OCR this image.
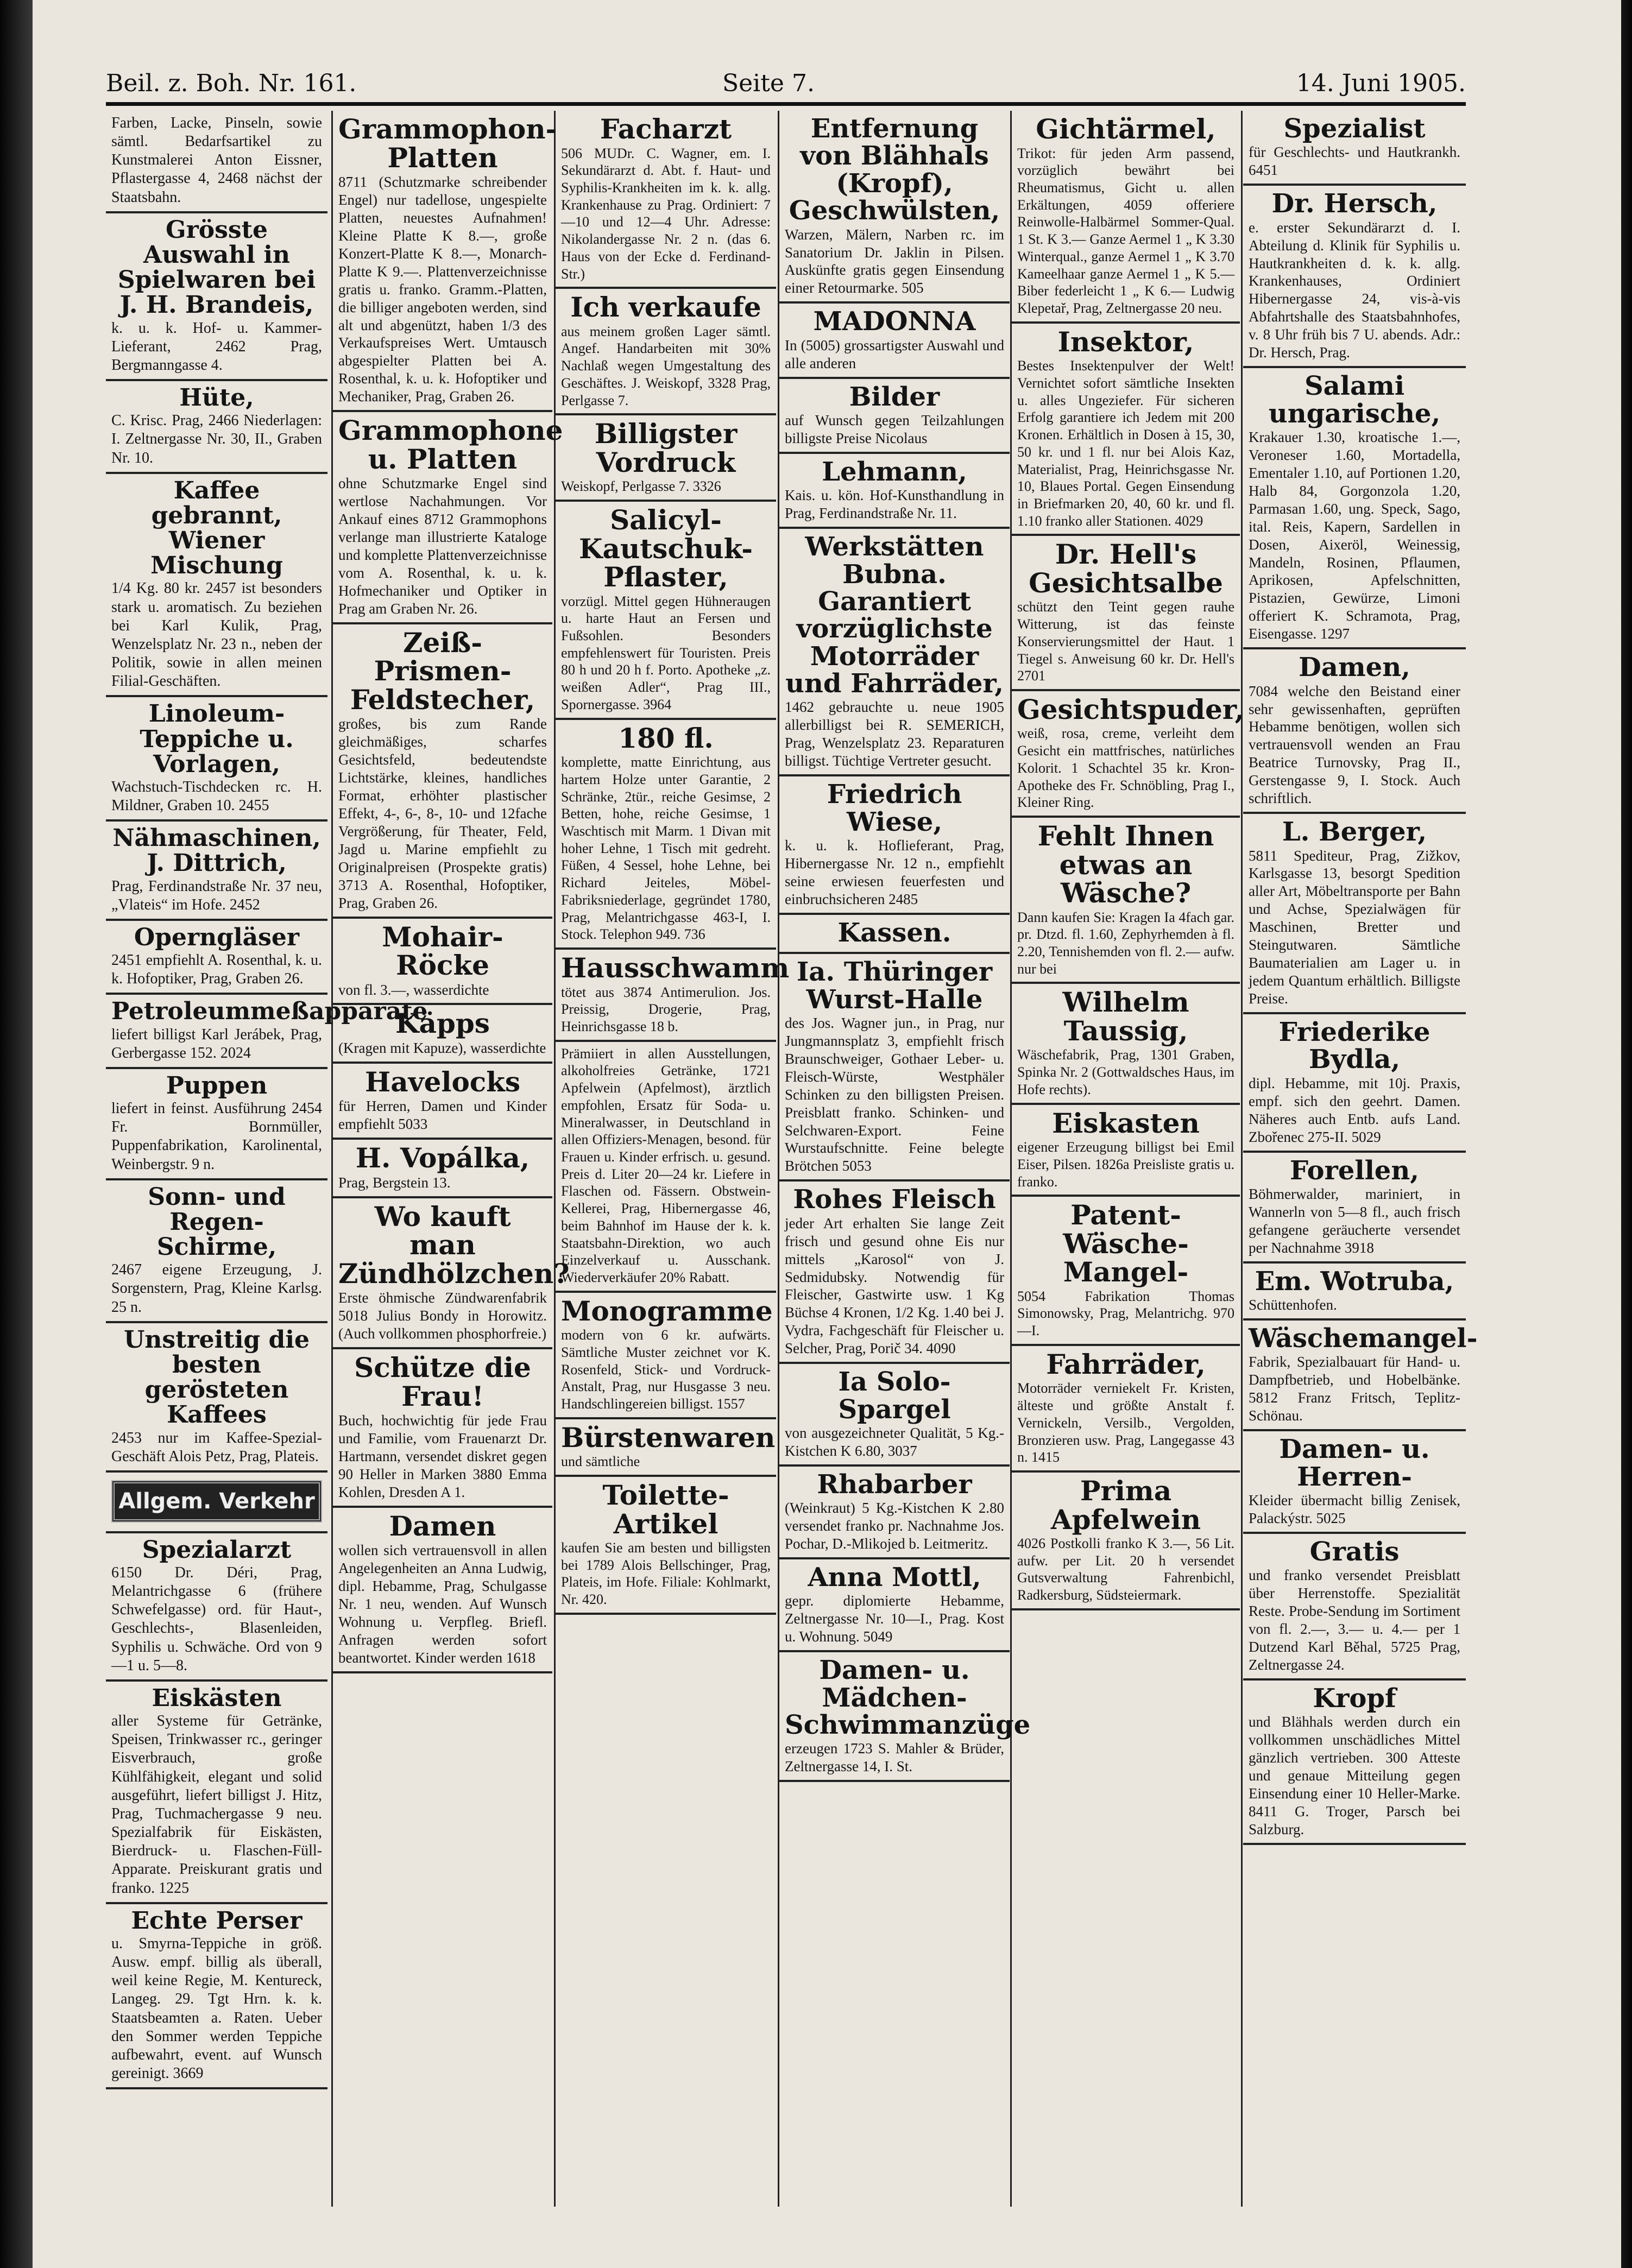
Beil. z. Boh. Nr. 161.	Seite 7.	14. Juni 1905.
Farben, Lacke, Pinseln, sowie sämtl. Bedarfsartikel zu Kunstmalerei Anton Eissner, Pflastergasse 4, 2468 nächst der Staatsbahn.
Grösste Auswahl in Spielwaren bei J. H. Brandeis,
k. u. k. Hof- u. Kammer-Lieferant, 2462 Prag, Bergmanngasse 4.
Hüte,
C. Krisc. Prag, 2466 Niederlagen: I. Zeltnergasse Nr. 30, II., Graben Nr. 10.
Kaffee gebrannt, Wiener Mischung
1/4 Kg. 80 kr. 2457 ist besonders stark u. aromatisch. Zu beziehen bei Karl Kulik, Prag, Wenzelsplatz Nr. 23 n., neben der Politik, sowie in allen meinen Filial-Geschäften.
Linoleum-Teppiche u. Vorlagen,
Wachstuch-Tischdecken rc. H. Mildner, Graben 10. 2455
Nähmaschinen, J. Dittrich,
Prag, Ferdinandstraße Nr. 37 neu, „Vlateis“ im Hofe. 2452
Operngläser
2451 empfiehlt A. Rosenthal, k. u. k. Hofoptiker, Prag, Graben 26.
Petroleummeßapparate
liefert billigst Karl Jerábek, Prag, Gerbergasse 152. 2024
Puppen
liefert in feinst. Ausführung 2454 Fr. Bornmüller, Puppenfabrikation, Karolinental, Weinbergstr. 9 n.
Sonn- und Regen-Schirme,
2467 eigene Erzeugung, J. Sorgenstern, Prag, Kleine Karlsg. 25 n.
Unstreitig die besten gerösteten Kaffees
2453 nur im Kaffee-Spezial-Geschäft Alois Petz, Prag, Plateis.
Allgem. Verkehr
Spezialarzt
6150 Dr. Déri, Prag, Melantrichgasse 6 (frühere Schwefelgasse) ord. für Haut-, Geschlechts-, Blasenleiden, Syphilis u. Schwäche. Ord von 9—1 u. 5—8.
Eiskästen
aller Systeme für Getränke, Speisen, Trinkwasser rc., geringer Eisverbrauch, große Kühlfähigkeit, elegant und solid ausgeführt, liefert billigst J. Hitz, Prag, Tuchmachergasse 9 neu. Spezialfabrik für Eiskästen, Bierdruck- u. Flaschen-Füll-Apparate. Preiskurant gratis und franko. 1225
Echte Perser
u. Smyrna-Teppiche in größ. Ausw. empf. billig als überall, weil keine Regie, M. Kentureck, Langeg. 29. Tgt Hrn. k. k. Staatsbeamten a. Raten. Ueber den Sommer werden Teppiche aufbewahrt, event. auf Wunsch gereinigt. 3669
Grammophon-Platten
8711 (Schutzmarke schreibender Engel) nur tadellose, ungespielte Platten, neuestes Aufnahmen! Kleine Platte K 8.—, große Konzert-Platte K 8.—, Monarch-Platte K 9.—. Plattenverzeichnisse gratis u. franko. Gramm.-Platten, die billiger angeboten werden, sind alt und abgenützt, haben 1/3 des Verkaufspreises Wert. Umtausch abgespielter Platten bei A. Rosenthal, k. u. k. Hofoptiker und Mechaniker, Prag, Graben 26.
Grammophone u. Platten
ohne Schutzmarke Engel sind wertlose Nachahmungen. Vor Ankauf eines 8712 Grammophons verlange man illustrierte Kataloge und komplette Plattenverzeichnisse vom A. Rosenthal, k. u. k. Hofmechaniker und Optiker in Prag am Graben Nr. 26.
Zeiß-Prismen-Feldstecher,
großes, bis zum Rande gleichmäßiges, scharfes Gesichtsfeld, bedeutendste Lichtstärke, kleines, handliches Format, erhöhter plastischer Effekt, 4-, 6-, 8-, 10- und 12fache Vergrößerung, für Theater, Feld, Jagd u. Marine empfiehlt zu Originalpreisen (Prospekte gratis) 3713 A. Rosenthal, Hofoptiker, Prag, Graben 26.
Mohair-Röcke
von fl. 3.—, wasserdichte
Käpps
(Kragen mit Kapuze), wasserdichte
Havelocks
für Herren, Damen und Kinder empfiehlt 5033
H. Vopálka,
Prag, Bergstein 13.
Wo kauft man Zündhölzchen?
Erste öhmische Zündwarenfabrik 5018 Julius Bondy in Horowitz. (Auch vollkommen phosphorfreie.)
Schütze die Frau!
Buch, hochwichtig für jede Frau und Familie, vom Frauenarzt Dr. Hartmann, versendet diskret gegen 90 Heller in Marken 3880 Emma Kohlen, Dresden A 1.
Damen
wollen sich vertrauensvoll in allen Angelegenheiten an Anna Ludwig, dipl. Hebamme, Prag, Schulgasse Nr. 1 neu, wenden. Auf Wunsch Wohnung u. Verpfleg. Briefl. Anfragen werden sofort beantwortet. Kinder werden 1618
Facharzt
506 MUDr. C. Wagner, em. I. Sekundärarzt d. Abt. f. Haut- und Syphilis-Krankheiten im k. k. allg. Krankenhause zu Prag. Ordiniert: 7—10 und 12—4 Uhr. Adresse: Nikolandergasse Nr. 2 n. (das 6. Haus von der Ecke d. Ferdinand-Str.)
Ich verkaufe
aus meinem großen Lager sämtl. Angef. Handarbeiten mit 30% Nachlaß wegen Umgestaltung des Geschäftes. J. Weiskopf, 3328 Prag, Perlgasse 7.
Billigster Vordruck
Weiskopf, Perlgasse 7. 3326
Salicyl-Kautschuk-Pflaster,
vorzügl. Mittel gegen Hühneraugen u. harte Haut an Fersen und Fußsohlen. Besonders empfehlenswert für Touristen. Preis 80 h und 20 h f. Porto. Apotheke „z. weißen Adler“, Prag III., Spornergasse. 3964
180 fl.
komplette, matte Einrichtung, aus hartem Holze unter Garantie, 2 Schränke, 2tür., reiche Gesimse, 2 Betten, hohe, reiche Gesimse, 1 Waschtisch mit Marm. 1 Divan mit hoher Lehne, 1 Tisch mit gedreht. Füßen, 4 Sessel, hohe Lehne, bei Richard Jeiteles, Möbel-Fabriksniederlage, gegründet 1780, Prag, Melantrichgasse 463-I, I. Stock. Telephon 949. 736
Hausschwamm
tötet aus 3874 Antimerulion. Jos. Preissig, Drogerie, Prag, Heinrichsgasse 18 b.
Prämiiert in allen Ausstellungen, alkoholfreies Getränke, 1721 Apfelwein (Apfelmost), ärztlich empfohlen, Ersatz für Soda- u. Mineralwasser, in Deutschland in allen Offiziers-Menagen, besond. für Frauen u. Kinder erfrisch. u. gesund. Preis d. Liter 20—24 kr. Liefere in Flaschen od. Fässern. Obstwein-Kellerei, Prag, Hibernergasse 46, beim Bahnhof im Hause der k. k. Staatsbahn-Direktion, wo auch Einzelverkauf u. Ausschank. Wiederverkäufer 20% Rabatt.
Monogramme
modern von 6 kr. aufwärts. Sämtliche Muster zeichnet vor K. Rosenfeld, Stick- und Vordruck-Anstalt, Prag, nur Husgasse 3 neu. Handschlingereien billigst. 1557
Bürstenwaren
und sämtliche
Toilette-Artikel
kaufen Sie am besten und billigsten bei 1789 Alois Bellschinger, Prag, Plateis, im Hofe. Filiale: Kohlmarkt, Nr. 420.
Entfernung von Blähhals (Kropf), Geschwülsten,
Warzen, Mälern, Narben rc. im Sanatorium Dr. Jaklin in Pilsen. Auskünfte gratis gegen Einsendung einer Retourmarke. 505
MADONNA
In (5005) grossartigster Auswahl und alle anderen
Bilder
auf Wunsch gegen Teilzahlungen billigste Preise Nicolaus
Lehmann,
Kais. u. kön. Hof-Kunsthandlung in Prag, Ferdinandstraße Nr. 11.
Werkstätten Bubna. Garantiert vorzüglichste Motorräder und Fahrräder,
1462 gebrauchte u. neue 1905 allerbilligst bei R. SEMERICH, Prag, Wenzelsplatz 23. Reparaturen billigst. Tüchtige Vertreter gesucht.
Friedrich Wiese,
k. u. k. Hoflieferant, Prag, Hibernergasse Nr. 12 n., empfiehlt seine erwiesen feuerfesten und einbruchsicheren 2485
Kassen.
Ia. Thüringer Wurst-Halle
des Jos. Wagner jun., in Prag, nur Jungmannsplatz 3, empfiehlt frisch Braunschweiger, Gothaer Leber- u. Fleisch-Würste, Westphäler Schinken zu den billigsten Preisen. Preisblatt franko. Schinken- und Selchwaren-Export. Feine Wurstaufschnitte. Feine belegte Brötchen 5053
Rohes Fleisch
jeder Art erhalten Sie lange Zeit frisch und gesund ohne Eis nur mittels „Karosol“ von J. Sedmidubsky. Notwendig für Fleischer, Gastwirte usw. 1 Kg Büchse 4 Kronen, 1/2 Kg. 1.40 bei J. Vydra, Fachgeschäft für Fleischer u. Selcher, Prag, Porič 34. 4090
Ia Solo-Spargel
von ausgezeichneter Qualität, 5 Kg.-Kistchen K 6.80, 3037
Rhabarber
(Weinkraut) 5 Kg.-Kistchen K 2.80 versendet franko pr. Nachnahme Jos. Pochar, D.-Mlikojed b. Leitmeritz.
Anna Mottl,
gepr. diplomierte Hebamme, Zeltnergasse Nr. 10—I., Prag. Kost u. Wohnung. 5049
Damen- u. Mädchen-Schwimmanzüge
erzeugen 1723 S. Mahler & Brüder, Zeltnergasse 14, I. St.
Gichtärmel,
Trikot: für jeden Arm passend, vorzüglich bewährt bei Rheumatismus, Gicht u. allen Erkältungen, 4059 offeriere Reinwolle-Halbärmel Sommer-Qual. 1 St. K 3.— Ganze Aermel 1 „ K 3.30 Winterqual., ganze Aermel 1 „ K 3.70 Kameelhaar ganze Aermel 1 „ K 5.— Biber federleicht 1 „ K 6.— Ludwig Klepetař, Prag, Zeltnergasse 20 neu.
Insektor,
Bestes Insektenpulver der Welt! Vernichtet sofort sämtliche Insekten u. alles Ungeziefer. Für sicheren Erfolg garantiere ich Jedem mit 200 Kronen. Erhältlich in Dosen à 15, 30, 50 kr. und 1 fl. nur bei Alois Kaz, Materialist, Prag, Heinrichsgasse Nr. 10, Blaues Portal. Gegen Einsendung in Briefmarken 20, 40, 60 kr. und fl. 1.10 franko aller Stationen. 4029
Dr. Hell's Gesichtsalbe
schützt den Teint gegen rauhe Witterung, ist das feinste Konservierungsmittel der Haut. 1 Tiegel s. Anweisung 60 kr. Dr. Hell's 2701
Gesichtspuder,
weiß, rosa, creme, verleiht dem Gesicht ein mattfrisches, natürliches Kolorit. 1 Schachtel 35 kr. Kron-Apotheke des Fr. Schnöbling, Prag I., Kleiner Ring.
Fehlt Ihnen etwas an Wäsche?
Dann kaufen Sie: Kragen Ia 4fach gar. pr. Dtzd. fl. 1.60, Zephyrhemden à fl. 2.20, Tennishemden von fl. 2.— aufw. nur bei
Wilhelm Taussig,
Wäschefabrik, Prag, 1301 Graben, Spinka Nr. 2 (Gottwaldsches Haus, im Hofe rechts).
Eiskasten
eigener Erzeugung billigst bei Emil Eiser, Pilsen. 1826a Preisliste gratis u. franko.
Patent- Wäsche-Mangel-
5054 Fabrikation Thomas Simonowsky, Prag, Melantrichg. 970—I.
Fahrräder,
Motorräder verniekelt Fr. Kristen, älteste und größte Anstalt f. Vernickeln, Versilb., Vergolden, Bronzieren usw. Prag, Langegasse 43 n. 1415
Prima Apfelwein
4026 Postkolli franko K 3.—, 56 Lit. aufw. per Lit. 20 h versendet Gutsverwaltung Fahrenbichl, Radkersburg, Südsteiermark.
Spezialist
für Geschlechts- und Hautkrankh. 6451
Dr. Hersch,
e. erster Sekundärarzt d. I. Abteilung d. Klinik für Syphilis u. Hautkrankheiten d. k. k. allg. Krankenhauses, Ordiniert Hibernergasse 24, vis-à-vis Abfahrtshalle des Staatsbahnhofes, v. 8 Uhr früh bis 7 U. abends. Adr.: Dr. Hersch, Prag.
Salami ungarische,
Krakauer 1.30, kroatische 1.—, Veroneser 1.60, Mortadella, Ementaler 1.10, auf Portionen 1.20, Halb 84, Gorgonzola 1.20, Parmasan 1.60, ung. Speck, Sago, ital. Reis, Kapern, Sardellen in Dosen, Aixeröl, Weinessig, Mandeln, Rosinen, Pflaumen, Aprikosen, Apfelschnitten, Pistazien, Gewürze, Limoni offeriert K. Schramota, Prag, Eisengasse. 1297
Damen,
7084 welche den Beistand einer sehr gewissenhaften, geprüften Hebamme benötigen, wollen sich vertrauensvoll wenden an Frau Beatrice Turnovsky, Prag II., Gerstengasse 9, I. Stock. Auch schriftlich.
L. Berger,
5811 Spediteur, Prag, Zižkov, Karlsgasse 13, besorgt Spedition aller Art, Möbeltransporte per Bahn und Achse, Spezialwägen für Maschinen, Bretter und Steingutwaren. Sämtliche Baumaterialien am Lager u. in jedem Quantum erhältlich. Billigste Preise.
Friederike Bydla,
dipl. Hebamme, mit 10j. Praxis, empf. sich den geehrt. Damen. Näheres auch Entb. aufs Land. Zbořenec 275-II. 5029
Forellen,
Böhmerwalder, mariniert, in Wannerln von 5—8 fl., auch frisch gefangene geräucherte versendet per Nachnahme 3918
Em. Wotruba,
Schüttenhofen.
Wäschemangel-
Fabrik, Spezialbauart für Hand- u. Dampfbetrieb, und Hobelbänke. 5812 Franz Fritsch, Teplitz-Schönau.
Damen- u. Herren-
Kleider übermacht billig Zenisek, Palackýstr. 5025
Gratis
und franko versendet Preisblatt über Herrenstoffe. Spezialität Reste. Probe-Sendung im Sortiment von fl. 2.—, 3.— u. 4.— per 1 Dutzend Karl Běhal, 5725 Prag, Zeltnergasse 24.
Kropf
und Blähhals werden durch ein vollkommen unschädliches Mittel gänzlich vertrieben. 300 Atteste und genaue Mitteilung gegen Einsendung einer 10 Heller-Marke. 8411 G. Troger, Parsch bei Salzburg.
